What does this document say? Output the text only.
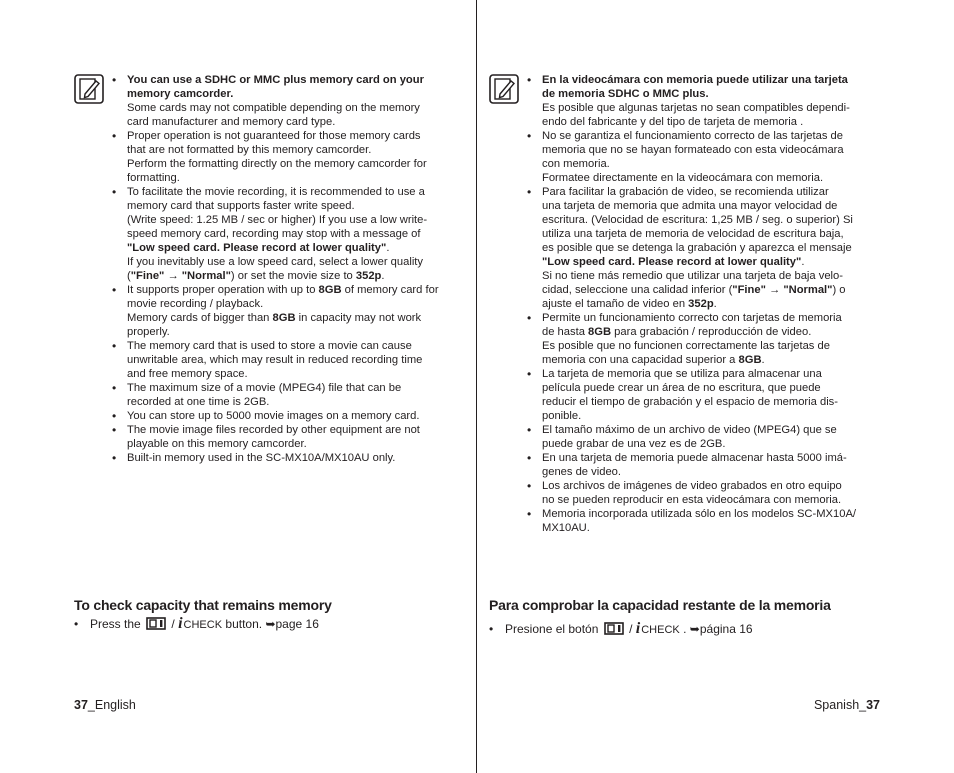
• You can use a SDHC or MMC plus memory card on your
memory camcorder.
Some cards may not compatible depending on the memory
card manufacturer and memory card type.
• Proper operation is not guaranteed for those memory cards
that are not formatted by this memory camcorder.
Perform the formatting directly on the memory camcorder for
formatting.
• To facilitate the movie recording, it is recommended to use a
memory card that supports faster write speed.
(Write speed: 1.25 MB / sec or higher) If you use a low write-
speed memory card, recording may stop with a message of
"Low speed card. Please record at lower quality".
If you inevitably use a low speed card, select a lower quality
("Fine" → "Normal") or set the movie size to 352p.
• It supports proper operation with up to 8GB of memory card for
movie recording / playback.
Memory cards of bigger than 8GB in capacity may not work
properly.
• The memory card that is used to store a movie can cause
unwritable area, which may result in reduced recording time
and free memory space.
• The maximum size of a movie (MPEG4) file that can be
recorded at one time is 2GB.
• You can store up to 5000 movie images on a memory card.
• The movie image files recorded by other equipment are not
playable on this memory camcorder.
• Built-in memory used in the SC-MX10A/MX10AU only.
To check capacity that remains memory
• Press the	/ iCHECK button. ➥page 16
37_English
• En la videocámara con memoria puede utilizar una tarjeta
de memoria SDHC o MMC plus.
Es posible que algunas tarjetas no sean compatibles dependi-
endo del fabricante y del tipo de tarjeta de memoria .
• No se garantiza el funcionamiento correcto de las tarjetas de
memoria que no se hayan formateado con esta videocámara
con memoria.
Formatee directamente en la videocámara con memoria.
• Para facilitar la grabación de video, se recomienda utilizar
una tarjeta de memoria que admita una mayor velocidad de
escritura. (Velocidad de escritura: 1,25 MB / seg. o superior) Si
utiliza una tarjeta de memoria de velocidad de escritura baja,
es posible que se detenga la grabación y aparezca el mensaje
"Low speed card. Please record at lower quality".
Si no tiene más remedio que utilizar una tarjeta de baja velo-
cidad, seleccione una calidad inferior ("Fine" → "Normal") o
ajuste el tamaño de video en 352p.
• Permite un funcionamiento correcto con tarjetas de memoria
de hasta 8GB para grabación / reproducción de video.
Es posible que no funcionen correctamente las tarjetas de
memoria con una capacidad superior a 8GB.
• La tarjeta de memoria que se utiliza para almacenar una
película puede crear un área de no escritura, que puede
reducir el tiempo de grabación y el espacio de memoria dis-
ponible.
• El tamaño máximo de un archivo de video (MPEG4) que se
puede grabar de una vez es de 2GB.
• En una tarjeta de memoria puede almacenar hasta 5000 imá-
genes de video.
• Los archivos de imágenes de video grabados en otro equipo
no se pueden reproducir en esta videocámara con memoria.
• Memoria incorporada utilizada sólo en los modelos SC-MX10A/
MX10AU.
Para comprobar la capacidad restante de la memoria
• Presione el botón	/ iCHECK . ➥página 16
Spanish_37
